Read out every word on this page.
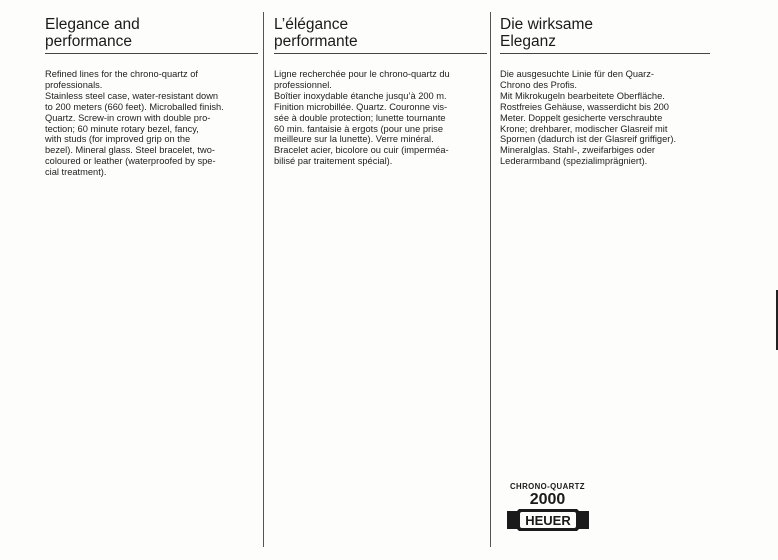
Elegance and
performance
Refined lines for the chrono-quartz of
professionals.
Stainless steel case, water-resistant down
to 200 meters (660 feet). Microballed finish.
Quartz. Screw-in crown with double pro-
tection; 60 minute rotary bezel, fancy,
with studs (for improved grip on the
bezel). Mineral glass. Steel bracelet, two-
coloured or leather (waterproofed by spe-
cial treatment).
L’élégance
performante
Ligne recherchée pour le chrono-quartz du
professionnel.
Boîtier inoxydable étanche jusqu’à 200 m.
Finition microbillée. Quartz. Couronne vis-
sée à double protection; lunette tournante
60 min. fantaisie à ergots (pour une prise
meilleure sur la lunette). Verre minéral.
Bracelet acier, bicolore ou cuir (imperméa-
bilisé par traitement spécial).
Die wirksame
Eleganz
Die ausgesuchte Linie für den Quarz-
Chrono des Profis.
Mit Mikrokugeln bearbeitete Oberfläche.
Rostfreies Gehäuse, wasserdicht bis 200
Meter. Doppelt gesicherte verschraubte
Krone; drehbarer, modischer Glasreif mit
Spornen (dadurch ist der Glasreif griffiger).
Mineralglas. Stahl-, zweifarbiges oder
Lederarmband (spezialimprägniert).
CHRONO-QUARTZ
2000
HEUER
